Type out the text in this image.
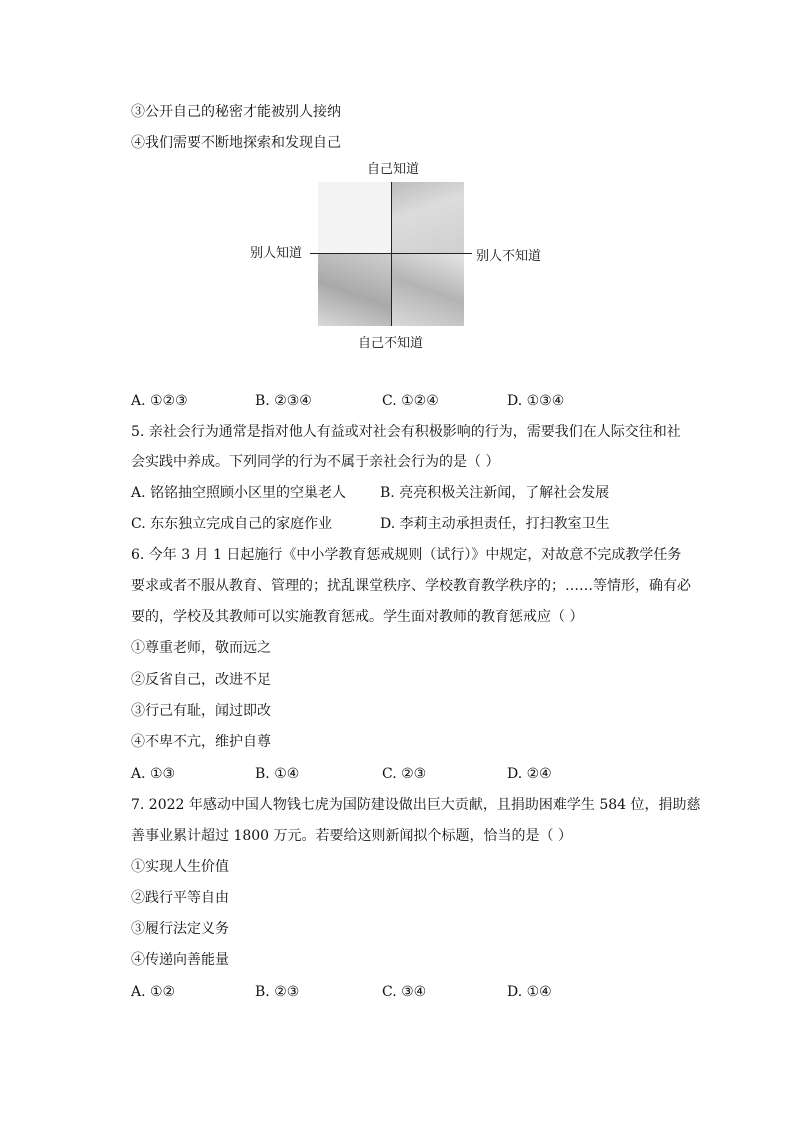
③公开自己的秘密才能被别人接纳
④我们需要不断地探索和发现自己
自己知道
别人知道	别人不知道
自己不知道
A. ①②③	B. ②③④	C. ①②④	D. ①③④
5. 亲社会行为通常是指对他人有益或对社会有积极影响的行为，需要我们在人际交往和社
会实践中养成。下列同学的行为不属于亲社会行为的是（ ）
A. 铭铭抽空照顾小区里的空巢老人 B. 亮亮积极关注新闻，了解社会发展
C. 东东独立完成自己的家庭作业	D. 李莉主动承担责任，打扫教室卫生
6. 今年 3 月 1 日起施行《中小学教育惩戒规则（试行）》中规定，对故意不完成教学任务
要求或者不服从教育、管理的；扰乱课堂秩序、学校教育教学秩序的；……等情形，确有必
要的，学校及其教师可以实施教育惩戒。学生面对教师的教育惩戒应（ ）
①尊重老师，敬而远之
②反省自己，改进不足
③行己有耻，闻过即改
④不卑不亢，维护自尊
A. ①③	B. ①④	C. ②③	D. ②④
7. 2022 年感动中国人物钱七虎为国防建设做出巨大贡献，且捐助困难学生 584 位，捐助慈
善事业累计超过 1800 万元。若要给这则新闻拟个标题，恰当的是（ ）
①实现人生价值
②践行平等自由
③履行法定义务
④传递向善能量
A. ①②	B. ②③	C. ③④	D. ①④
